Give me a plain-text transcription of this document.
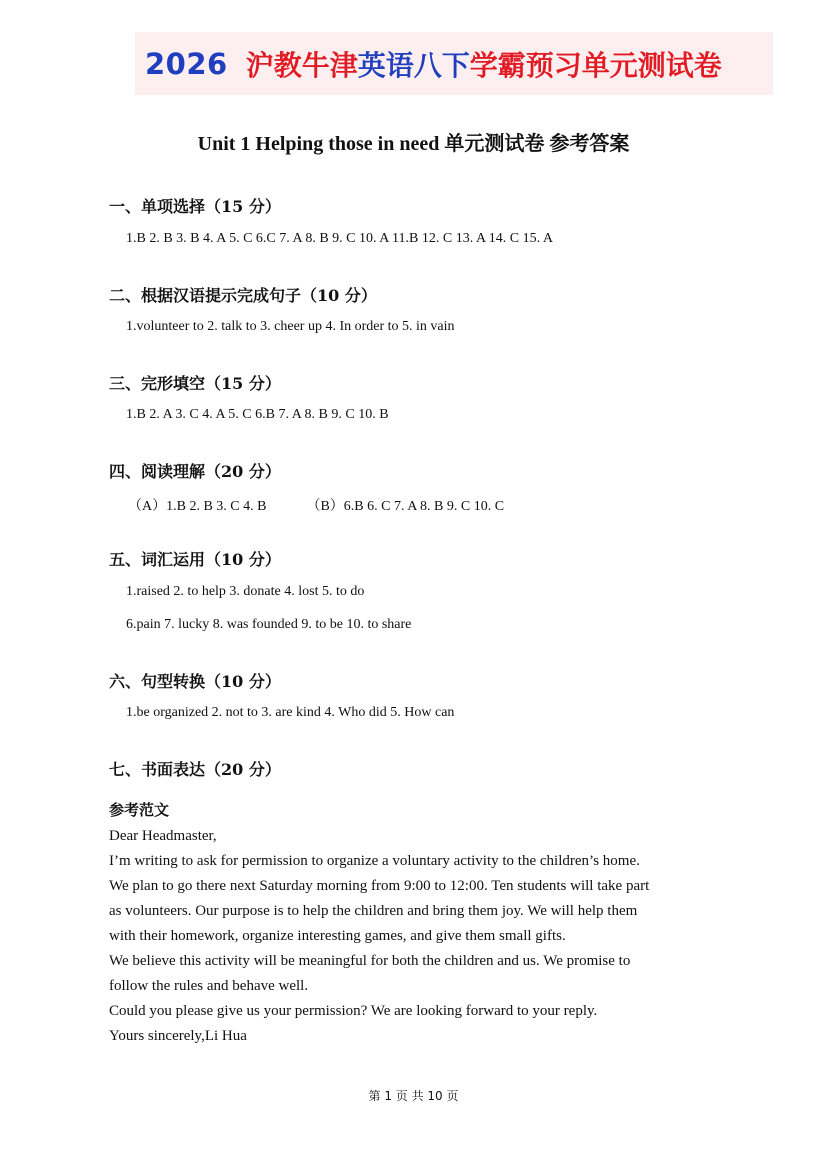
2026 沪教牛津 英语八下 学霸预习单元测试卷
Unit 1 Helping those in need 单元测试卷 参考答案
一、单项选择（15 分）
1.B 2. B 3. B 4. A 5. C 6.C 7. A 8. B 9. C 10. A 11.B 12. C 13. A 14. C 15. A
二、根据汉语提示完成句子（10 分）
1.volunteer to 2. talk to 3. cheer up 4. In order to 5. in vain
三、完形填空（15 分）
1.B 2. A 3. C 4. A 5. C 6.B 7. A 8. B 9. C 10. B
四、阅读理解（20 分）
（A）1.B 2. B 3. C 4. B	（B）6.B 6. C 7. A 8. B 9. C 10. C
五、词汇运用（10 分）
1.raised 2. to help 3. donate 4. lost 5. to do
6.pain 7. lucky 8. was founded 9. to be 10. to share
六、句型转换（10 分）
1.be organized 2. not to 3. are kind 4. Who did 5. How can
七、书面表达（20 分）
参考范文

Dear Headmaster,

I’m writing to ask for permission to organize a voluntary activity to the children’s home.

We plan to go there next Saturday morning from 9:00 to 12:00. Ten students will take part

as volunteers. Our purpose is to help the children and bring them joy. We will help them

with their homework, organize interesting games, and give them small gifts.

We believe this activity will be meaningful for both the children and us. We promise to

follow the rules and behave well.

Could you please give us your permission? We are looking forward to your reply.

Yours sincerely,Li Hua

第 1 页 共 10 页
